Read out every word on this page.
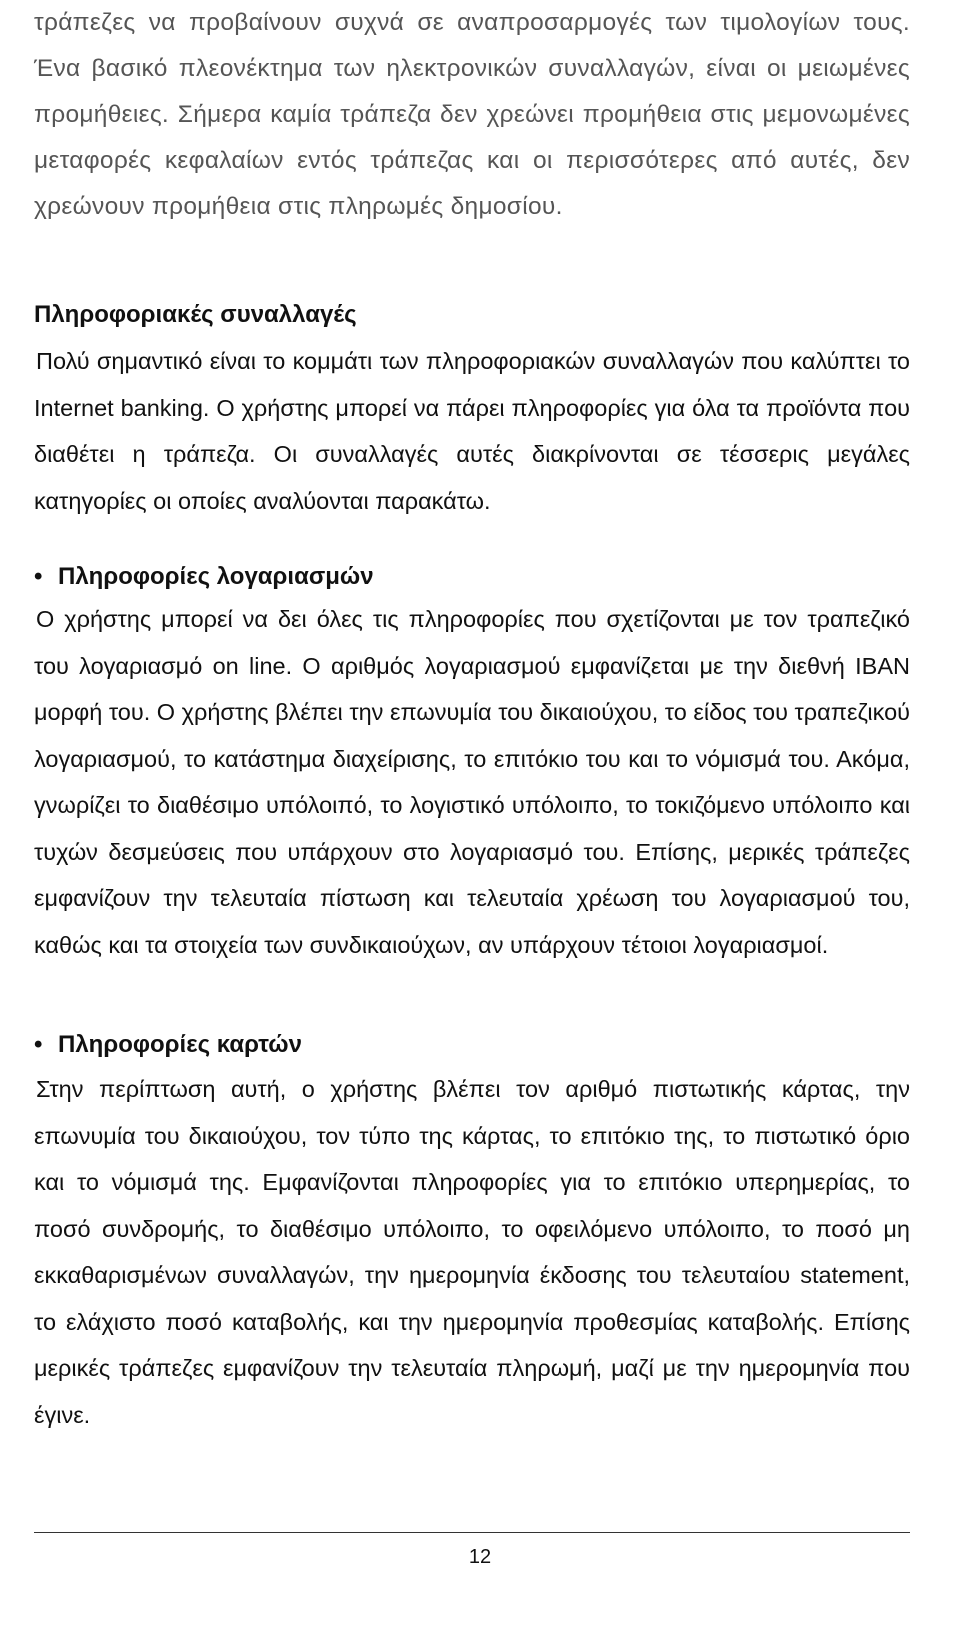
τράπεζες να προβαίνουν συχνά σε αναπροσαρμογές των τιμολογίων τους. Ένα βασικό πλεονέκτημα των ηλεκτρονικών συναλλαγών, είναι οι μειωμένες προμήθειες. Σήμερα καμία τράπεζα δεν χρεώνει προμήθεια στις μεμονωμένες μεταφορές κεφαλαίων εντός τράπεζας και οι περισσότερες από αυτές, δεν χρεώνουν προμήθεια στις πληρωμές δημοσίου.

Πληροφοριακές συναλλαγές

Πολύ σημαντικό είναι το κομμάτι των πληροφοριακών συναλλαγών που καλύπτει το Internet banking. Ο χρήστης μπορεί να πάρει πληροφορίες για όλα τα προϊόντα που διαθέτει η τράπεζα. Οι συναλλαγές αυτές διακρίνονται σε τέσσερις μεγάλες κατηγορίες οι οποίες αναλύονται παρακάτω.

• Πληροφορίες λογαριασμών

Ο χρήστης μπορεί να δει όλες τις πληροφορίες που σχετίζονται με τον τραπεζικό του λογαριασμό on line. Ο αριθμός λογαριασμού εμφανίζεται με την διεθνή IBAN μορφή του. Ο χρήστης βλέπει την επωνυμία του δικαιούχου, το είδος του τραπεζικού λογαριασμού, το κατάστημα διαχείρισης, το επιτόκιο του και το νόμισμά του. Ακόμα, γνωρίζει το διαθέσιμο υπόλοιπό, το λογιστικό υπόλοιπο, το τοκιζόμενο υπόλοιπο και τυχών δεσμεύσεις που υπάρχουν στο λογαριασμό του. Επίσης, μερικές τράπεζες εμφανίζουν την τελευταία πίστωση και τελευταία χρέωση του λογαριασμού του, καθώς και τα στοιχεία των συνδικαιούχων, αν υπάρχουν τέτοιοι λογαριασμοί.

• Πληροφορίες καρτών

Στην περίπτωση αυτή, ο χρήστης βλέπει τον αριθμό πιστωτικής κάρτας, την επωνυμία του δικαιούχου, τον τύπο της κάρτας, το επιτόκιο της, το πιστωτικό όριο και το νόμισμά της. Εμφανίζονται πληροφορίες για το επιτόκιο υπερημερίας, το ποσό συνδρομής, το διαθέσιμο υπόλοιπο, το οφειλόμενο υπόλοιπο, το ποσό μη εκκαθαρισμένων συναλλαγών, την ημερομηνία έκδοσης του τελευταίου statement, το ελάχιστο ποσό καταβολής, και την ημερομηνία προθεσμίας καταβολής. Επίσης μερικές τράπεζες εμφανίζουν την τελευταία πληρωμή, μαζί με την ημερομηνία που έγινε.

12
